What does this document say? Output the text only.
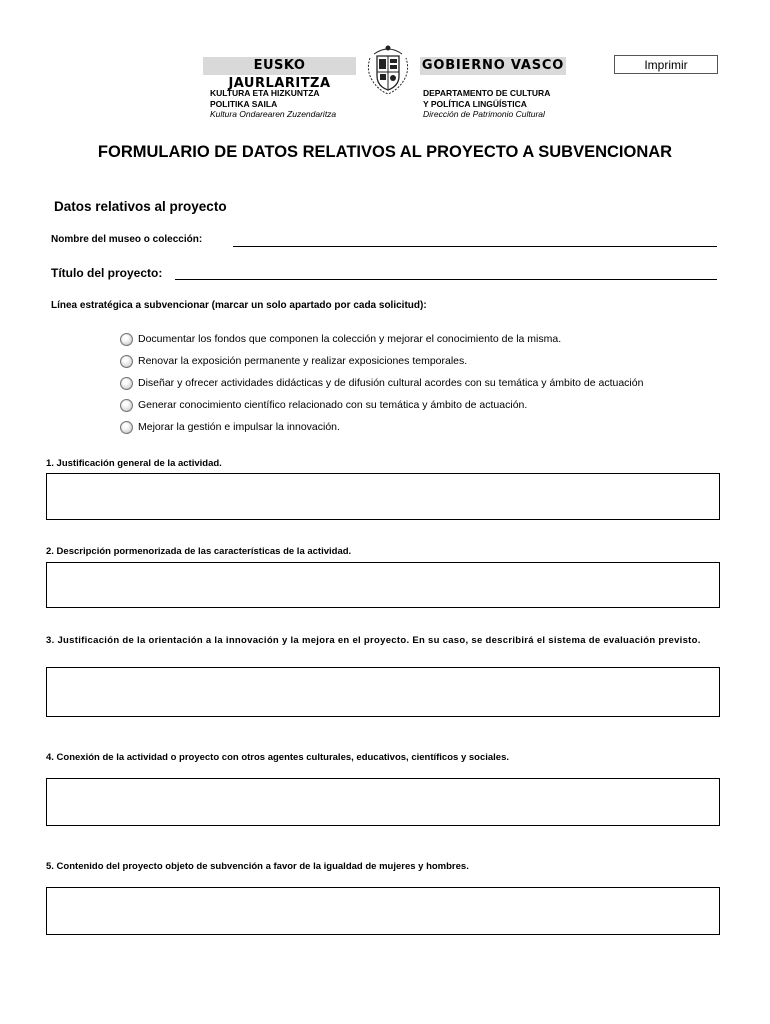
EUSKO JAURLARITZA
GOBIERNO VASCO
KULTURA ETA HIZKUNTZA
POLITIKA SAILA
Kultura Ondarearen Zuzendaritza
DEPARTAMENTO DE CULTURA
Y POLÍTICA LINGÜÍSTICA
Dirección de Patrimonio Cultural
Imprimir
FORMULARIO DE DATOS RELATIVOS AL PROYECTO A SUBVENCIONAR
Datos relativos al proyecto
Nombre del museo o colección:
Título del proyecto:
Línea estratégica a subvencionar (marcar un solo apartado por cada solicitud):
Documentar los fondos que componen la colección y mejorar el conocimiento de la misma.
Renovar la exposición permanente y realizar exposiciones temporales.
Diseñar y ofrecer actividades didácticas y de difusión cultural acordes con su temática y ámbito de actuación
Generar conocimiento científico relacionado con su temática y ámbito de actuación.
Mejorar la gestión e impulsar la innovación.
1. Justificación general de la actividad.
2. Descripción pormenorizada de las características de la actividad.
3. Justificación de la orientación a la innovación y la mejora en el proyecto. En su caso, se describirá el sistema de evaluación previsto.
4. Conexión de la actividad o proyecto con otros agentes culturales, educativos, científicos y sociales.
5. Contenido del proyecto objeto de subvención a favor de la igualdad de mujeres y hombres.
